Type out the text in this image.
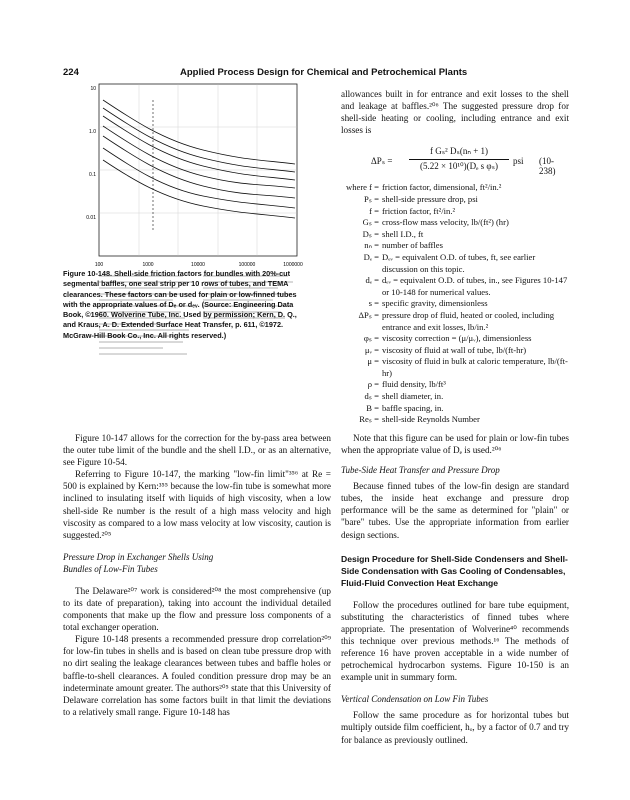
224	Applied Process Design for Chemical and Petrochemical Plants
100	1000	10000	100000	1000000
10
1.0
0.1
0.01
Figure 10-148. Shell-side friction factors for bundles with 20%-cut segmental baffles, one seal strip per 10 rows of tubes, and TEMA clearances. These factors can be used for plain or low-finned tubes with the appropriate values of Dₑ or dₑᵥ. (Source: Engineering Data Book, ©1960. Wolverine Tube, Inc. Used by permission; Kern, D. Q., and Kraus, A. D. Extended Surface Heat Transfer, p. 611, ©1972. McGraw-Hill Book Co., Inc. All rights reserved.)

Figure 10-147 allows for the correction for the by-pass area between the outer tube limit of the bundle and the shell I.D., or as an alternative, see Figure 10-54.

Referring to Figure 10-147, the marking "low-fin limit"³⁵⁶ at Re = 500 is explained by Kern:³⁵⁵ because the low-fin tube is somewhat more inclined to insulating itself with liquids of high viscosity, when a low shell-side Re number is the result of a high mass velocity and high viscosity as compared to a low mass velocity at low viscosity, caution is suggested.²⁰⁵

Pressure Drop in Exchanger Shells Using Bundles of Low-Fin Tubes

The Delaware²⁰⁷ work is considered²⁰⁸ the most comprehensive (up to its date of preparation), taking into account the individual detailed components that make up the flow and pressure loss components of a total exchanger operation.

Figure 10-148 presents a recommended pressure drop correlation²⁰⁹ for low-fin tubes in shells and is based on clean tube pressure drop with no dirt sealing the leakage clearances between tubes and baffle holes or baffle-to-shell clearances. A fouled condition pressure drop may be an indeterminate amount greater. The authors²⁰⁵ state that this University of Delaware correlation has some factors built in that limit the deviations to a relatively small range. Figure 10-148 has

allowances built in for entrance and exit losses to the shell and leakage at baffles.²⁰⁶ The suggested pressure drop for shell-side heating or cooling, including entrance and exit losses is

ΔPₛ =
f Gₛ² Dₛ(nₙ + 1)
(5.22 × 10¹⁰)(Dₑ s φₛ)	psi (10-238)
where f = friction factor, dimensional, ft²/in.²
Pₛ = shell-side pressure drop, psi
f = friction factor, ft²/in.²
Gₛ = cross-flow mass velocity, lb/(ft²) (hr)
Dₛ = shell I.D., ft
nₙ = number of baffles
Dₑ = Dₑᵥ = equivalent O.D. of tubes, ft, see earlier discussion on this topic.
dₑ = dₑᵥ = equivalent O.D. of tubes, in., see Figures 10-147 or 10-148 for numerical values.
s = specific gravity, dimensionless
ΔPₛ = pressure drop of fluid, heated or cooled, including entrance and exit losses, lb/in.²
φₛ = viscosity correction = (μ/μᵥ), dimensionless
μᵥ = viscosity of fluid at wall of tube, lb/(ft-hr)
μ = viscosity of fluid in bulk at caloric temperature, lb/(ft-hr)
ρ = fluid density, lb/ft³
dₛ = shell diameter, in.
B = baffle spacing, in.
Reₛ = shell-side Reynolds Number

Note that this figure can be used for plain or low-fin tubes when the appropriate value of Dₑ is used.²⁰⁶

Tube-Side Heat Transfer and Pressure Drop

Because finned tubes of the low-fin design are standard tubes, the inside heat exchange and pressure drop performance will be the same as determined for "plain" or "bare" tubes. Use the appropriate information from earlier design sections.

Design Procedure for Shell-Side Condensers and Shell-Side Condensation with Gas Cooling of Condensables, Fluid-Fluid Convection Heat Exchange

Follow the procedures outlined for bare tube equipment, substituting the characteristics of finned tubes where appropriate. The presentation of Wolverine⁴⁰ recommends this technique over previous methods.¹⁶ The methods of reference 16 have proven acceptable in a wide number of petrochemical hydrocarbon systems. Figure 10-150 is an example unit in summary form.

Vertical Condensation on Low Fin Tubes

Follow the same procedure as for horizontal tubes but multiply outside film coefficient, hₒ, by a factor of 0.7 and try for balance as previously outlined.
